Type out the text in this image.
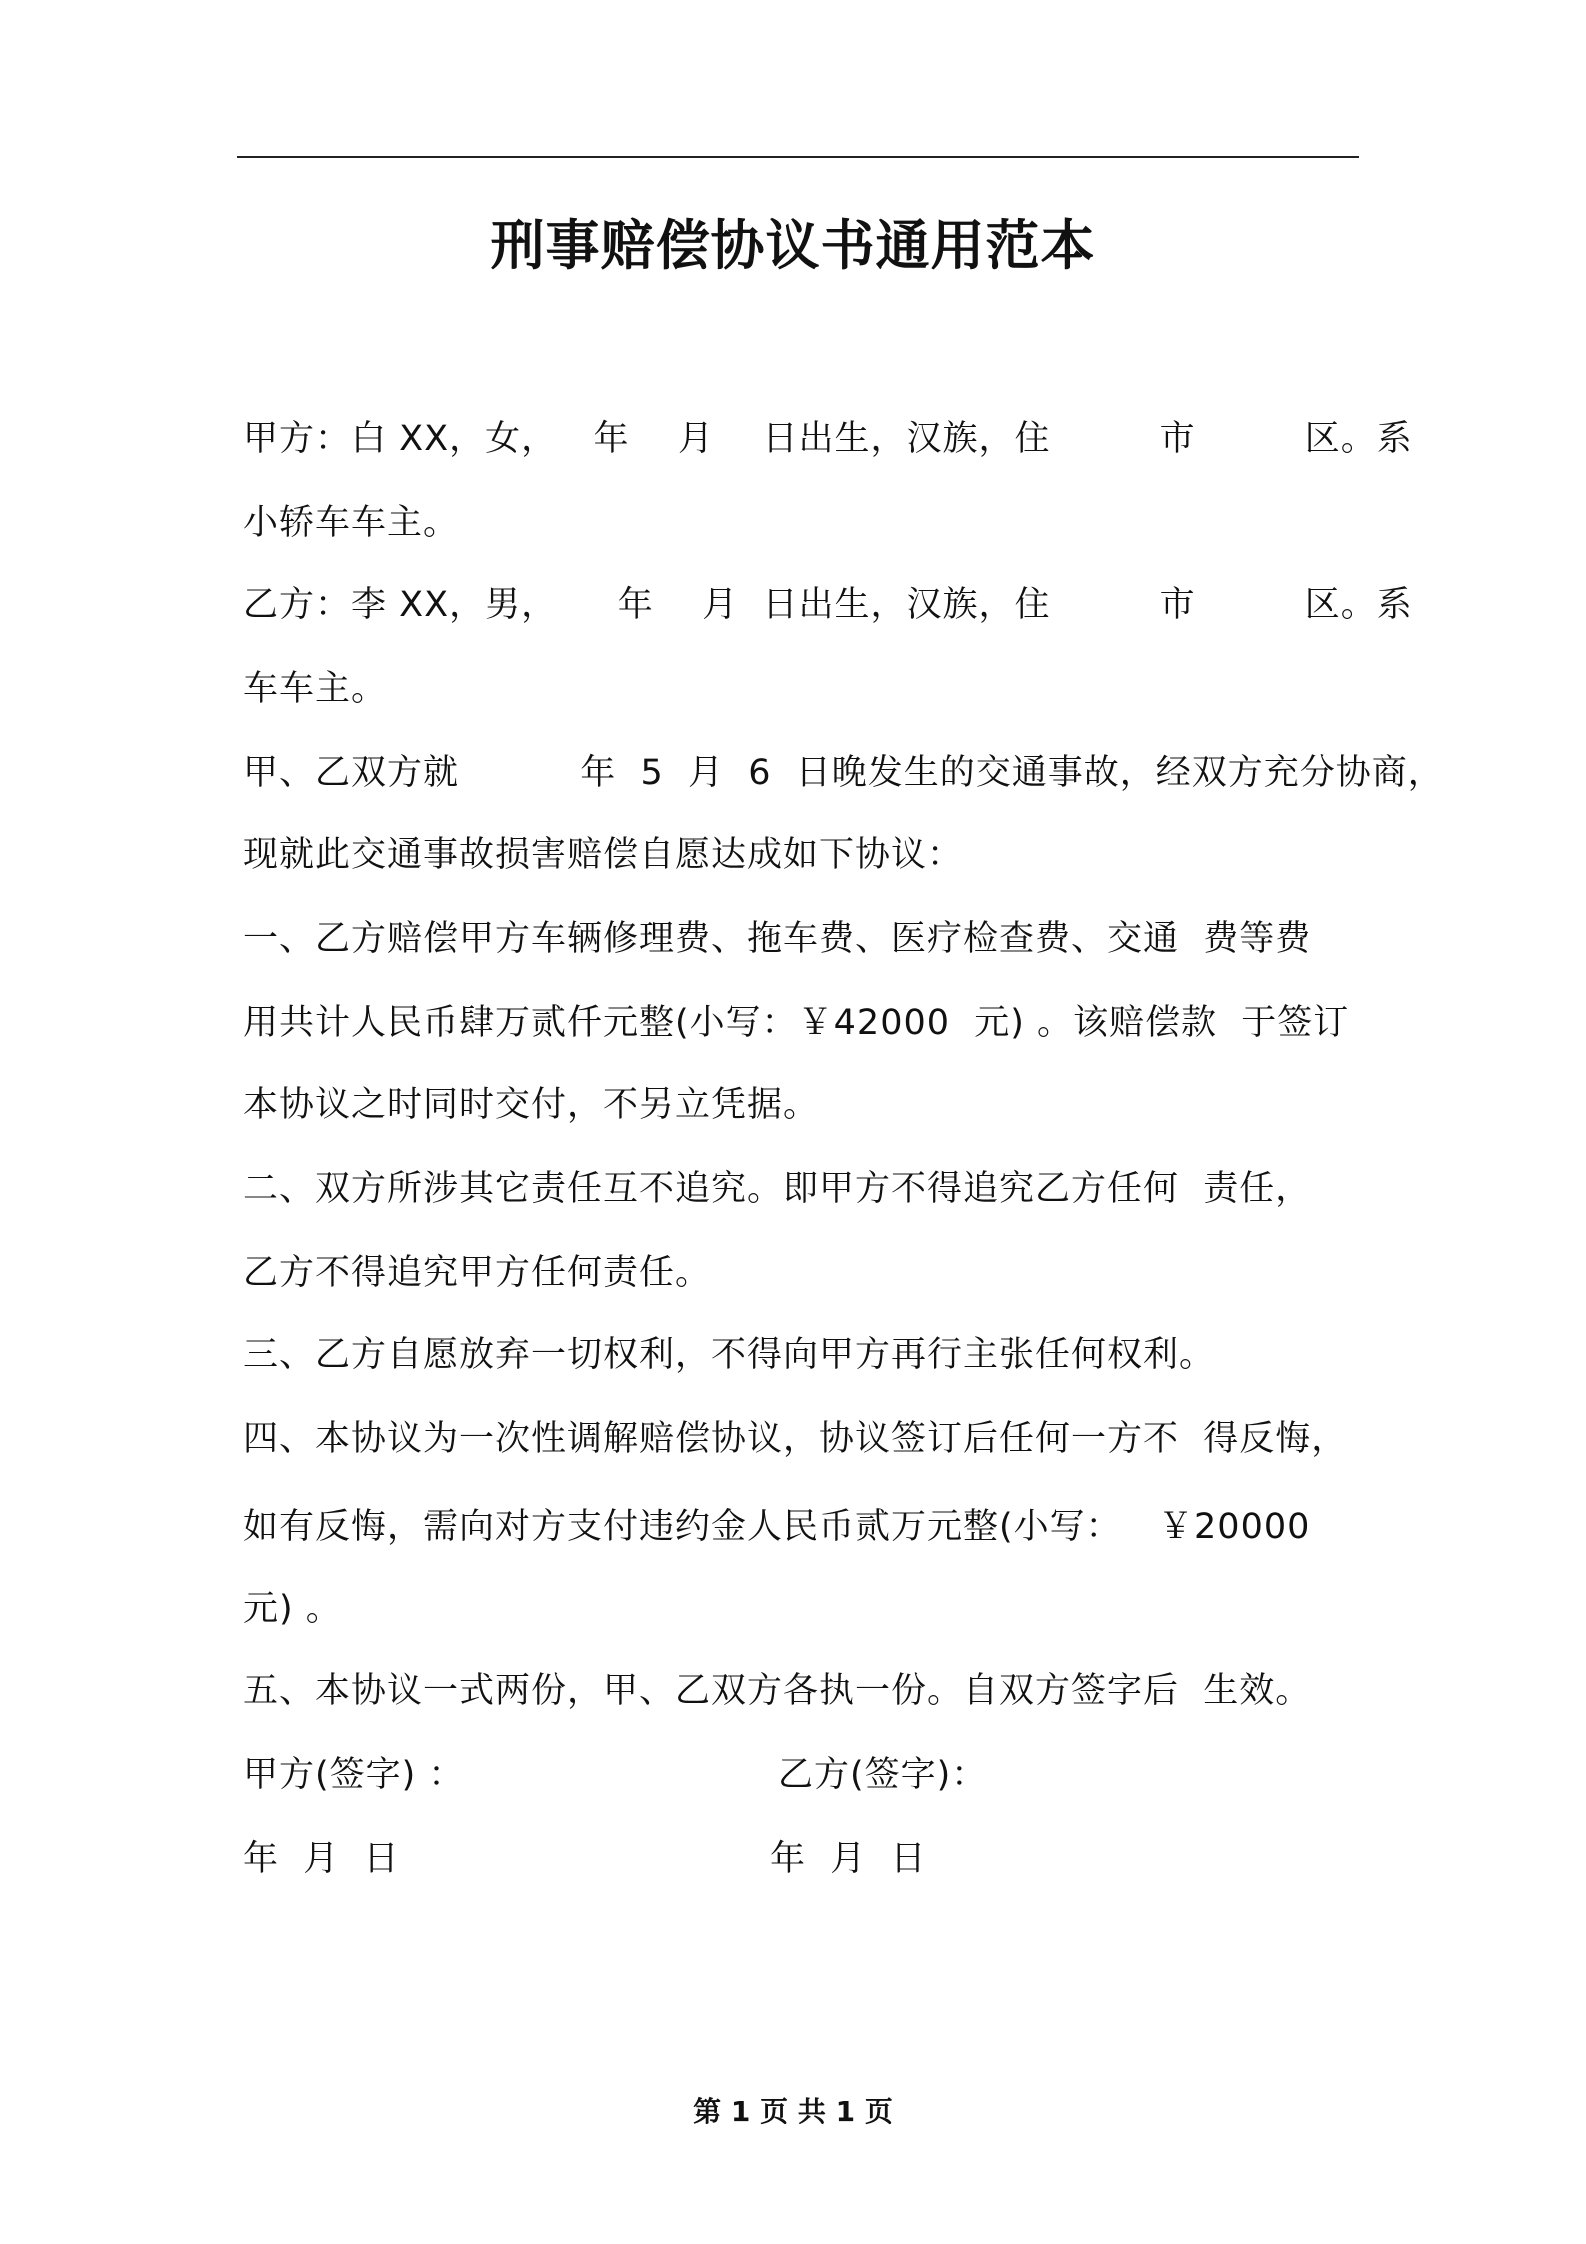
刑事赔偿协议书通用范本
甲方：白 XX，女，   年    月    日出生，汉族，住         市         区。系
小轿车车主。
乙方：李 XX，男，     年    月  日出生，汉族，住         市         区。系
车车主。
甲、乙双方就          年  5  月  6  日晚发生的交通事故，经双方充分协商，
现就此交通事故损害赔偿自愿达成如下协议：
一、乙方赔偿甲方车辆修理费、拖车费、医疗检查费、交通  费等费
用共计人民币肆万贰仟元整(小写：￥42000  元) 。该赔偿款  于签订
本协议之时同时交付，不另立凭据。
二、双方所涉其它责任互不追究。即甲方不得追究乙方任何  责任，
乙方不得追究甲方任何责任。
三、乙方自愿放弃一切权利，不得向甲方再行主张任何权利。
四、本协议为一次性调解赔偿协议，协议签订后任何一方不  得反悔，
如有反悔，需向对方支付违约金人民币贰万元整(小写：   ￥20000
元) 。
五、本协议一式两份，甲、乙双方各执一份。自双方签字后  生效。
甲方(签字) ：	乙方(签字)：
年  月  日	年  月  日
第 1 页 共 1 页
